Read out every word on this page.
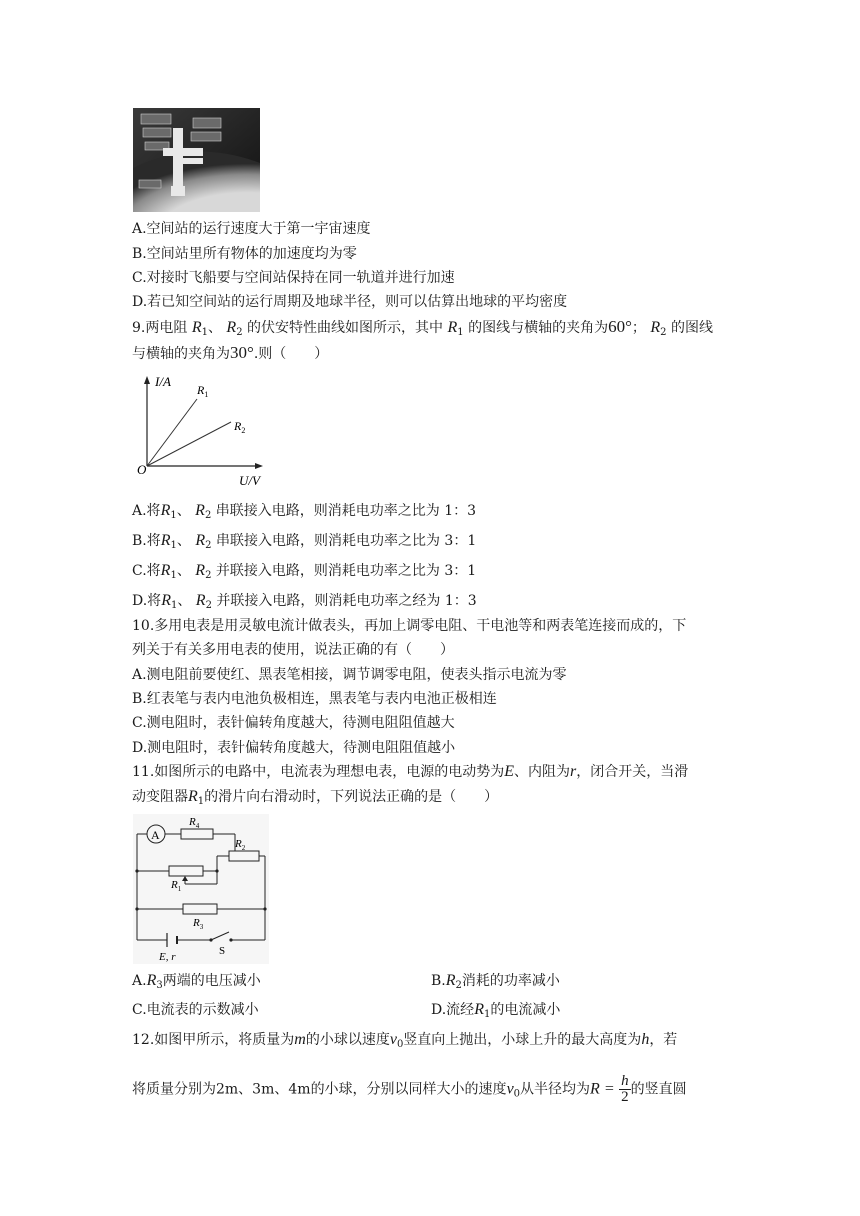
A.空间站的运行速度大于第一宇宙速度
B.空间站里所有物体的加速度均为零
C.对接时飞船要与空间站保持在同一轨道并进行加速
D.若已知空间站的运行周期及地球半径，则可以估算出地球的平均密度
9.两电阻 $R_1$、 $R_2$ 的伏安特性曲线如图所示，其中 $R_1$ 的图线与横轴的夹角为60°； $R_2$ 的图线
与横轴的夹角为30°.则（　　）
I/A
U/V
O
$R_1$
$R_2$
A.将$R_1$、 $R_2$ 串联接入电路，则消耗电功率之比为 1：3
B.将$R_1$、 $R_2$ 串联接入电路，则消耗电功率之比为 3：1
C.将$R_1$、 $R_2$ 并联接入电路，则消耗电功率之比为 3：1
D.将$R_1$、 $R_2$ 并联接入电路，则消耗电功率之经为 1：3
10.多用电表是用灵敏电流计做表头，再加上调零电阻、干电池等和两表笔连接而成的，下
列关于有关多用电表的使用，说法正确的有（　　）
A.测电阻前要使红、黑表笔相接，调节调零电阻，使表头指示电流为零
B.红表笔与表内电池负极相连，黑表笔与表内电池正极相连
C.测电阻时，表针偏转角度越大，待测电阻阻值越大
D.测电阻时，表针偏转角度越大，待测电阻阻值越小
11.如图所示的电路中，电流表为理想电表，电源的电动势为E、内阻为r，闭合开关，当滑
动变阻器$R_1$的滑片向右滑动时，下列说法正确的是（　　）
A
$R_4$
$R_2$
$R_1$
$R_3$
S
E, r
$A.R_3$两端的电压减小	$B.R_2$消耗的功率减小
C.电流表的示数减小	D.流经$R_1$的电流减小
12.如图甲所示，将质量为m的小球以速度$v_0$竖直向上抛出，小球上升的最大高度为h，若
将质量分别为2m、3m、4m的小球，分别以同样大小的速度$v_0$从半径均为$R = \frac{h}{2}$ 的竖直圆
